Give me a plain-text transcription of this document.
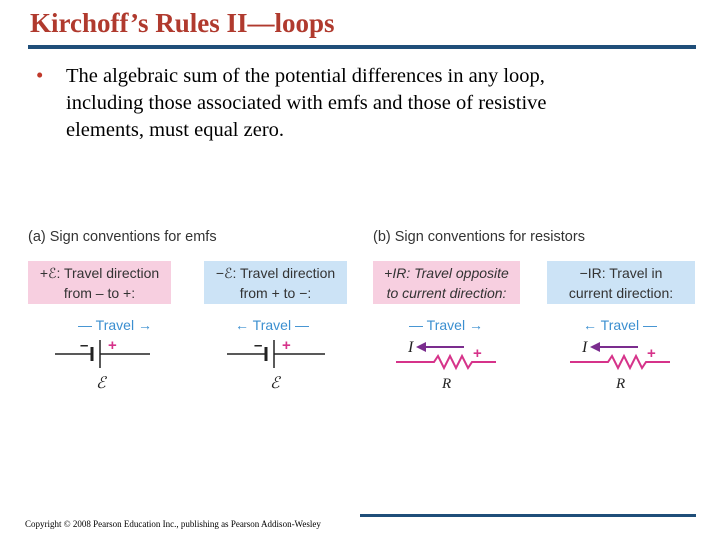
Kirchoff’s Rules II—loops
• The algebraic sum of the potential differences in any loop,
including those associated with emfs and those of resistive
elements, must equal zero.
(a) Sign conventions for emfs	(b) Sign conventions for resistors
+ℰ: Travel direction
from – to +:
−ℰ: Travel direction
from + to −:
+IR: Travel opposite
to current direction:
−IR: Travel in
current direction:
— Travel →
– +
ℰ
← Travel —
– +
ℰ
— Travel →
I	+
R
← Travel —
I	+
R
Copyright © 2008 Pearson Education Inc., publishing as Pearson Addison-Wesley
